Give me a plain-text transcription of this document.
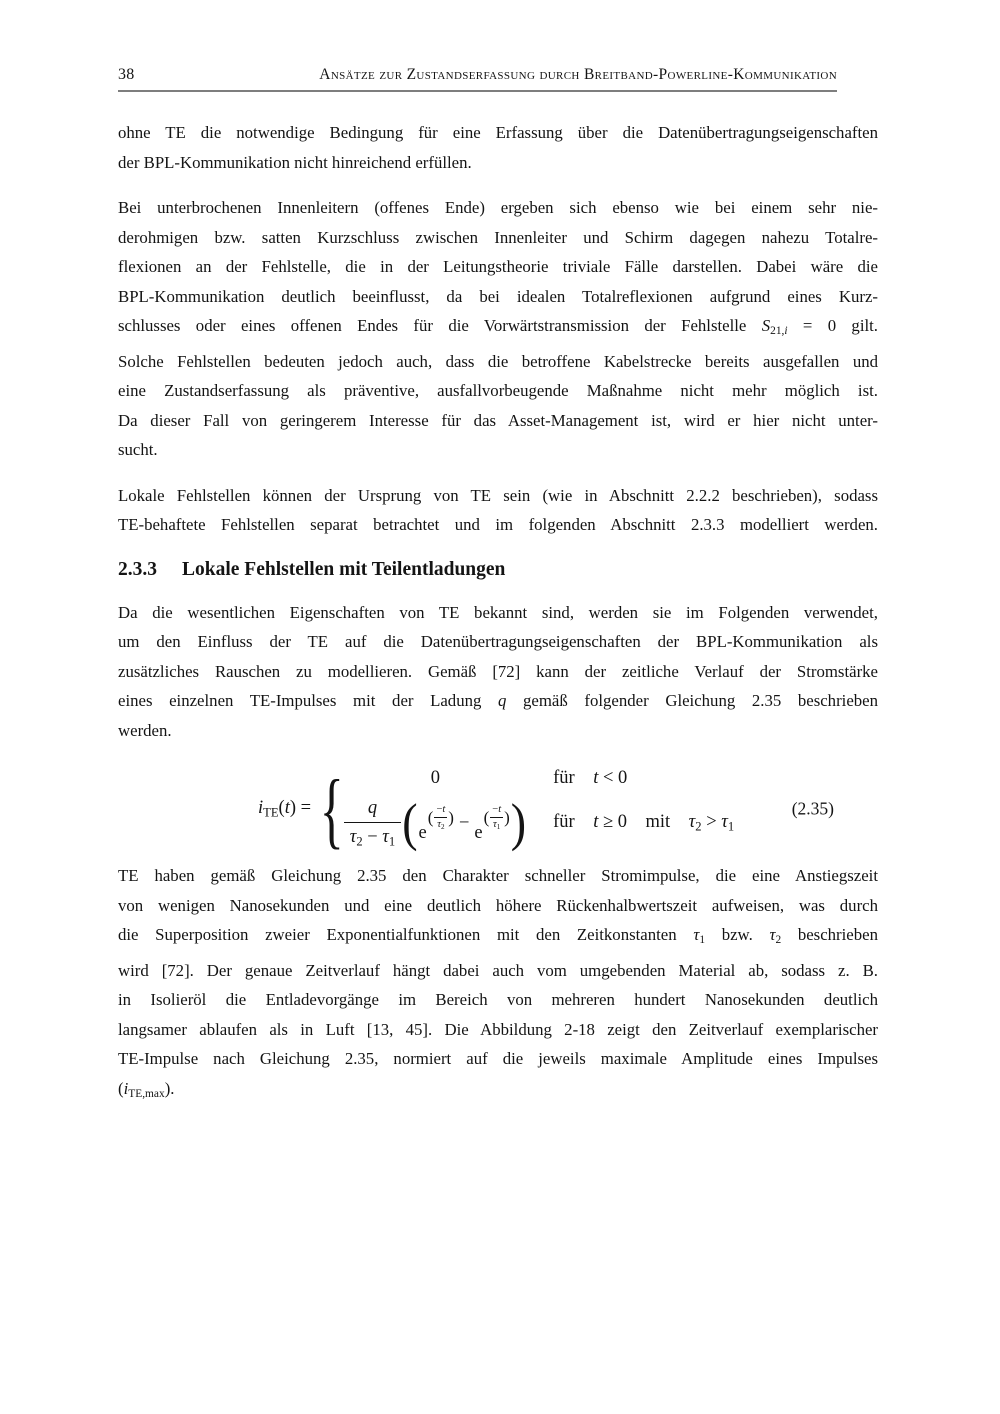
38	Ansätze zur Zustandserfassung durch Breitband-Powerline-Kommunikation
ohne TE die notwendige Bedingung für eine Erfassung über die Datenübertragungseigenschaften
der BPL-Kommunikation nicht hinreichend erfüllen.
Bei unterbrochenen Innenleitern (offenes Ende) ergeben sich ebenso wie bei einem sehr nie-
derohmigen bzw. satten Kurzschluss zwischen Innenleiter und Schirm dagegen nahezu Totalre-
flexionen an der Fehlstelle, die in der Leitungstheorie triviale Fälle darstellen. Dabei wäre die
BPL-Kommunikation deutlich beeinflusst, da bei idealen Totalreflexionen aufgrund eines Kurz-
schlusses oder eines offenen Endes für die Vorwärtstransmission der Fehlstelle S21,i = 0 gilt.
Solche Fehlstellen bedeuten jedoch auch, dass die betroffene Kabelstrecke bereits ausgefallen und
eine Zustandserfassung als präventive, ausfallvorbeugende Maßnahme nicht mehr möglich ist.
Da dieser Fall von geringerem Interesse für das Asset-Management ist, wird er hier nicht unter-
sucht.
Lokale Fehlstellen können der Ursprung von TE sein (wie in Abschnitt 2.2.2 beschrieben), sodass
TE-behaftete Fehlstellen separat betrachtet und im folgenden Abschnitt 2.3.3 modelliert werden.
2.3.3	Lokale Fehlstellen mit Teilentladungen
Da die wesentlichen Eigenschaften von TE bekannt sind, werden sie im Folgenden verwendet,
um den Einfluss der TE auf die Datenübertragungseigenschaften der BPL-Kommunikation als
zusätzliches Rauschen zu modellieren. Gemäß [72] kann der zeitliche Verlauf der Stromstärke
eines einzelnen TE-Impulses mit der Ladung q gemäß folgender Gleichung 2.35 beschrieben
werden.
iTE(t) = {	0	für  t < 0
$\frac{q}{\tau 2 - \tau 1}$ ( e
( $\frac{-t}{\tau 2}$ ) − e
( $\frac{-t}{\tau 1}$ ) ) für  t ≥ 0  mit  τ2 > τ1
(2.35)
TE haben gemäß Gleichung 2.35 den Charakter schneller Stromimpulse, die eine Anstiegszeit
von wenigen Nanosekunden und eine deutlich höhere Rückenhalbwertszeit aufweisen, was durch
die Superposition zweier Exponentialfunktionen mit den Zeitkonstanten τ1 bzw. τ2 beschrieben
wird [72]. Der genaue Zeitverlauf hängt dabei auch vom umgebenden Material ab, sodass z. B.
in Isolieröl die Entladevorgänge im Bereich von mehreren hundert Nanosekunden deutlich
langsamer ablaufen als in Luft [13, 45]. Die Abbildung 2-18 zeigt den Zeitverlauf exemplarischer
TE-Impulse nach Gleichung 2.35, normiert auf die jeweils maximale Amplitude eines Impulses
(iTE,max).
